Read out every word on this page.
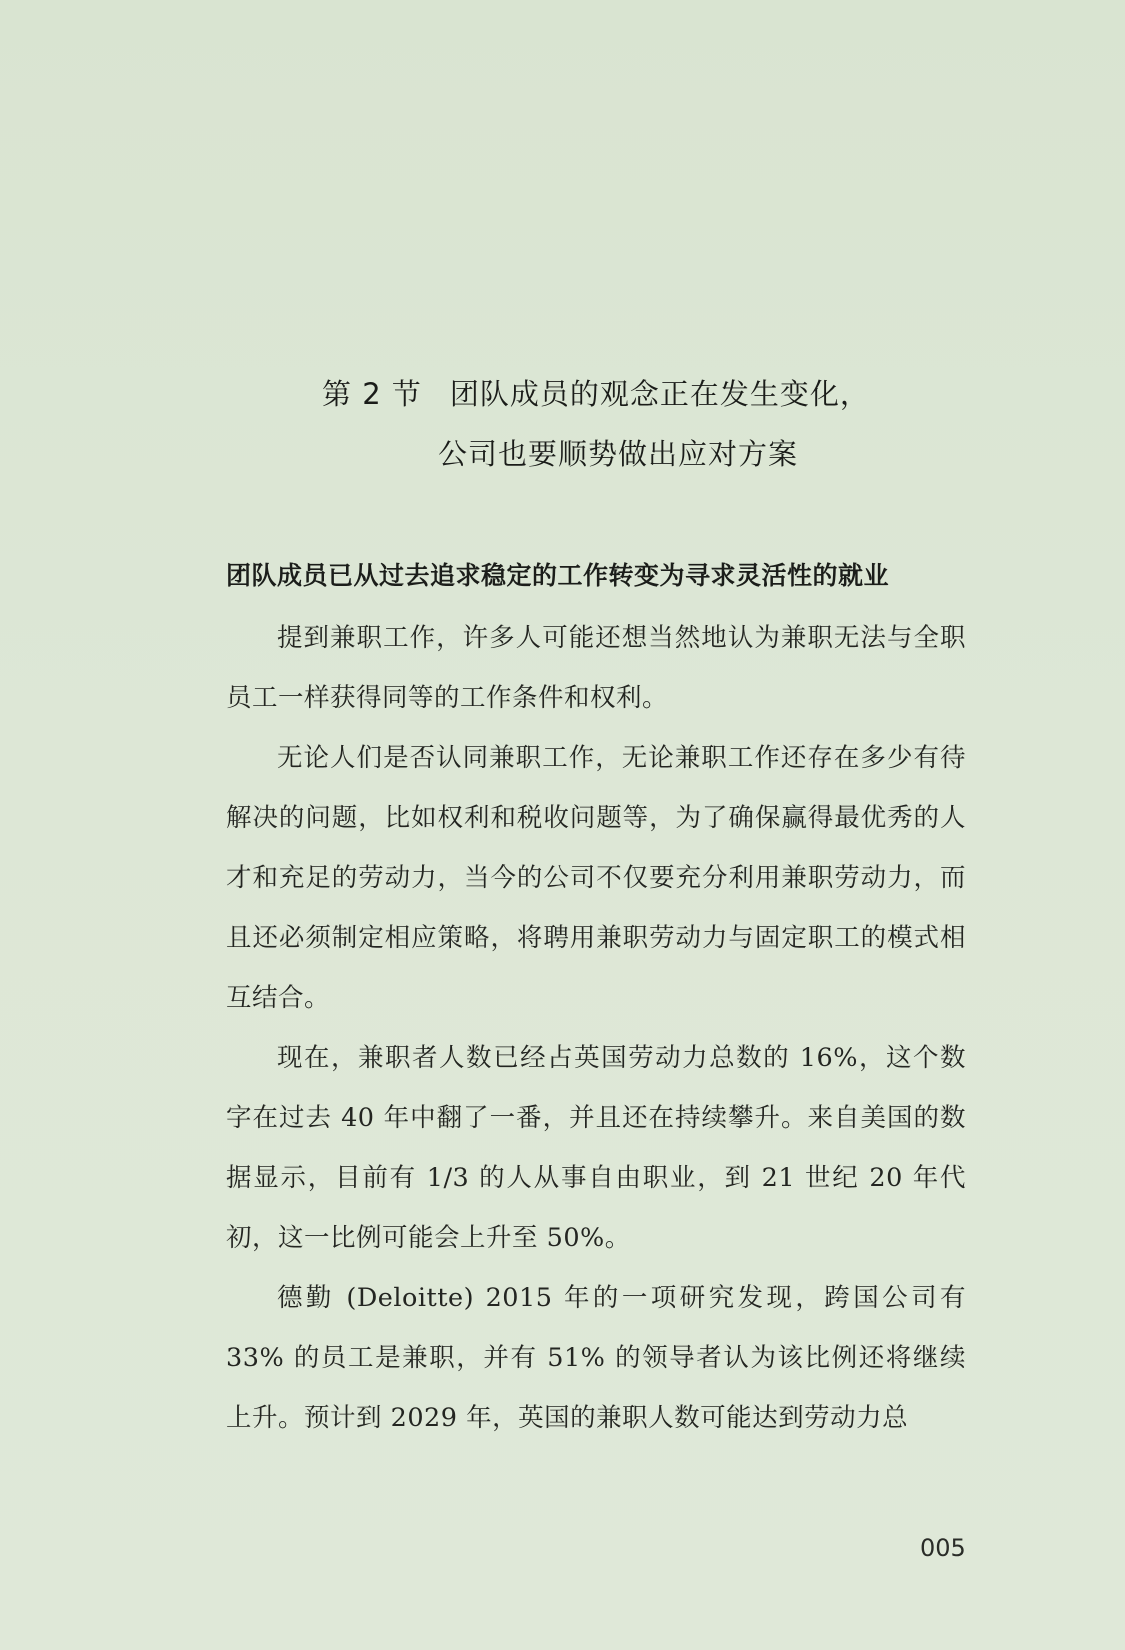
第 2 节 团队成员的观念正在发生变化，
公司也要顺势做出应对方案
团队成员已从过去追求稳定的工作转变为寻求灵活性的就业

提到兼职工作，许多人可能还想当然地认为兼职无法与全职员工一样获得同等的工作条件和权利。

无论人们是否认同兼职工作，无论兼职工作还存在多少有待解决的问题，比如权利和税收问题等，为了确保赢得最优秀的人才和充足的劳动力，当今的公司不仅要充分利用兼职劳动力，而且还必须制定相应策略，将聘用兼职劳动力与固定职工的模式相互结合。

现在，兼职者人数已经占英国劳动力总数的 16%，这个数字在过去 40 年中翻了一番，并且还在持续攀升。来自美国的数据显示，目前有 1/3 的人从事自由职业，到 21 世纪 20 年代初，这一比例可能会上升至 50%。

德勤 (Deloitte) 2015 年的一项研究发现，跨国公司有 33% 的员工是兼职，并有 51% 的领导者认为该比例还将继续上升。预计到 2029 年，英国的兼职人数可能达到劳动力总

005
